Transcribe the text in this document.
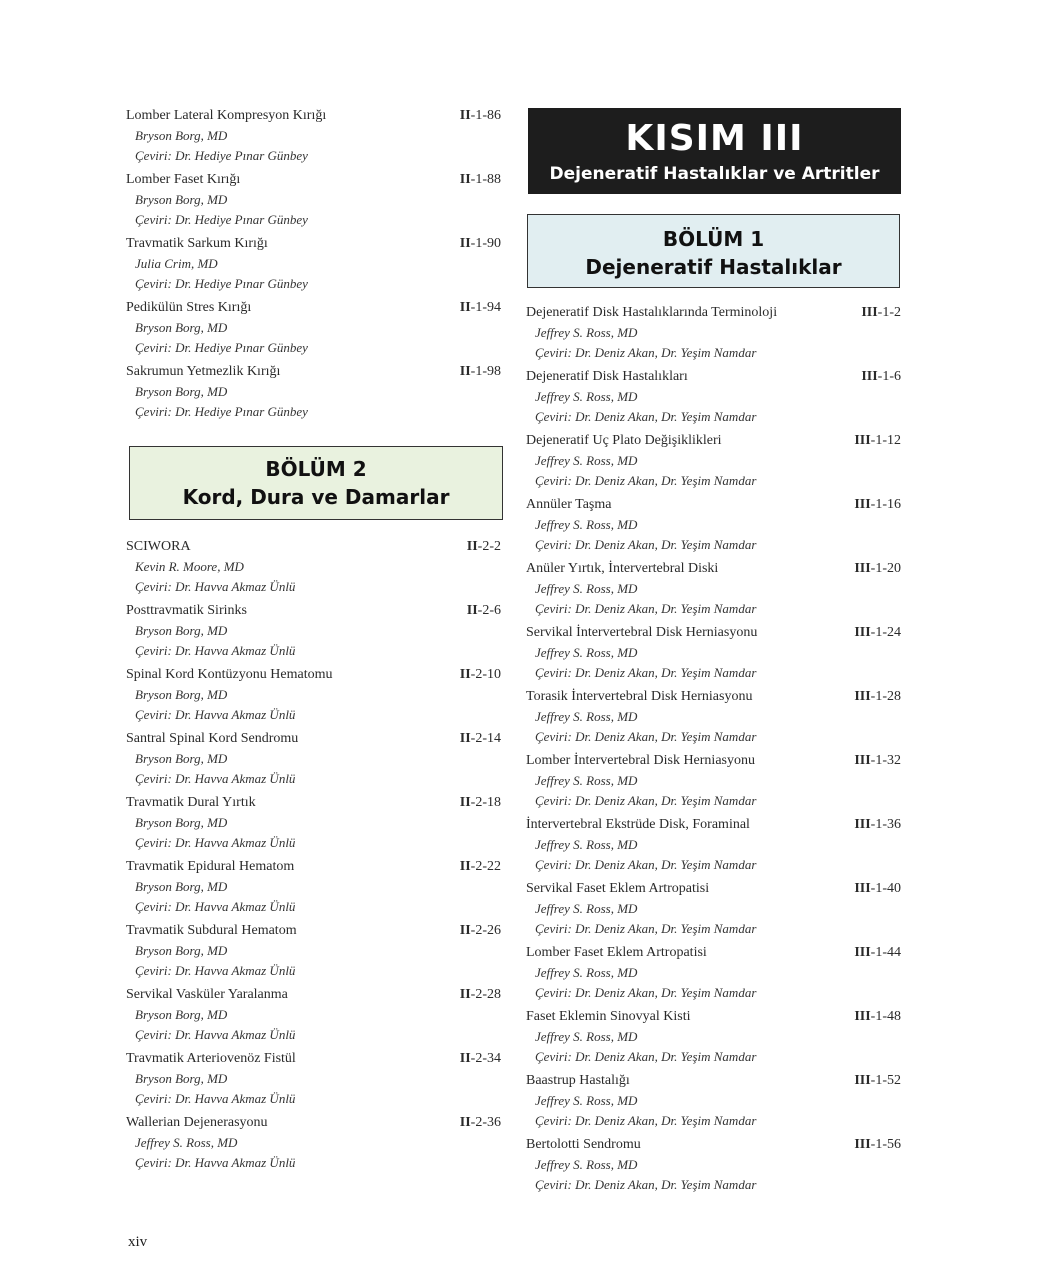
Lomber Lateral Kompresyon Kırığı	II-1-86
Bryson Borg, MD
Çeviri: Dr. Hediye Pınar Günbey
Lomber Faset Kırığı	II-1-88
Bryson Borg, MD
Çeviri: Dr. Hediye Pınar Günbey
Travmatik Sarkum Kırığı	II-1-90
Julia Crim, MD
Çeviri: Dr. Hediye Pınar Günbey
Pedikülün Stres Kırığı	II-1-94
Bryson Borg, MD
Çeviri: Dr. Hediye Pınar Günbey
Sakrumun Yetmezlik Kırığı	II-1-98
Bryson Borg, MD
Çeviri: Dr. Hediye Pınar Günbey
BÖLÜM 2
Kord, Dura ve Damarlar
SCIWORA	II-2-2
Kevin R. Moore, MD
Çeviri: Dr. Havva Akmaz Ünlü
Posttravmatik Sirinks	II-2-6
Bryson Borg, MD
Çeviri: Dr. Havva Akmaz Ünlü
Spinal Kord Kontüzyonu Hematomu	II-2-10
Bryson Borg, MD
Çeviri: Dr. Havva Akmaz Ünlü
Santral Spinal Kord Sendromu	II-2-14
Bryson Borg, MD
Çeviri: Dr. Havva Akmaz Ünlü
Travmatik Dural Yırtık	II-2-18
Bryson Borg, MD
Çeviri: Dr. Havva Akmaz Ünlü
Travmatik Epidural Hematom	II-2-22
Bryson Borg, MD
Çeviri: Dr. Havva Akmaz Ünlü
Travmatik Subdural Hematom	II-2-26
Bryson Borg, MD
Çeviri: Dr. Havva Akmaz Ünlü
Servikal Vasküler Yaralanma	II-2-28
Bryson Borg, MD
Çeviri: Dr. Havva Akmaz Ünlü
Travmatik Arteriovenöz Fistül	II-2-34
Bryson Borg, MD
Çeviri: Dr. Havva Akmaz Ünlü
Wallerian Dejenerasyonu	II-2-36
Jeffrey S. Ross, MD
Çeviri: Dr. Havva Akmaz Ünlü
KISIM III
Dejeneratif Hastalıklar ve Artritler
BÖLÜM 1
Dejeneratif Hastalıklar
Dejeneratif Disk Hastalıklarında Terminoloji	III-1-2
Jeffrey S. Ross, MD
Çeviri: Dr. Deniz Akan, Dr. Yeşim Namdar
Dejeneratif Disk Hastalıkları	III-1-6
Jeffrey S. Ross, MD
Çeviri: Dr. Deniz Akan, Dr. Yeşim Namdar
Dejeneratif Uç Plato Değişiklikleri	III-1-12
Jeffrey S. Ross, MD
Çeviri: Dr. Deniz Akan, Dr. Yeşim Namdar
Annüler Taşma	III-1-16
Jeffrey S. Ross, MD
Çeviri: Dr. Deniz Akan, Dr. Yeşim Namdar
Anüler Yırtık, İntervertebral Diski	III-1-20
Jeffrey S. Ross, MD
Çeviri: Dr. Deniz Akan, Dr. Yeşim Namdar
Servikal İntervertebral Disk Herniasyonu	III-1-24
Jeffrey S. Ross, MD
Çeviri: Dr. Deniz Akan, Dr. Yeşim Namdar
Torasik İntervertebral Disk Herniasyonu	III-1-28
Jeffrey S. Ross, MD
Çeviri: Dr. Deniz Akan, Dr. Yeşim Namdar
Lomber İntervertebral Disk Herniasyonu	III-1-32
Jeffrey S. Ross, MD
Çeviri: Dr. Deniz Akan, Dr. Yeşim Namdar
İntervertebral Ekstrüde Disk, Foraminal	III-1-36
Jeffrey S. Ross, MD
Çeviri: Dr. Deniz Akan, Dr. Yeşim Namdar
Servikal Faset Eklem Artropatisi	III-1-40
Jeffrey S. Ross, MD
Çeviri: Dr. Deniz Akan, Dr. Yeşim Namdar
Lomber Faset Eklem Artropatisi	III-1-44
Jeffrey S. Ross, MD
Çeviri: Dr. Deniz Akan, Dr. Yeşim Namdar
Faset Eklemin Sinovyal Kisti	III-1-48
Jeffrey S. Ross, MD
Çeviri: Dr. Deniz Akan, Dr. Yeşim Namdar
Baastrup Hastalığı	III-1-52
Jeffrey S. Ross, MD
Çeviri: Dr. Deniz Akan, Dr. Yeşim Namdar
Bertolotti Sendromu	III-1-56
Jeffrey S. Ross, MD
Çeviri: Dr. Deniz Akan, Dr. Yeşim Namdar
xiv
